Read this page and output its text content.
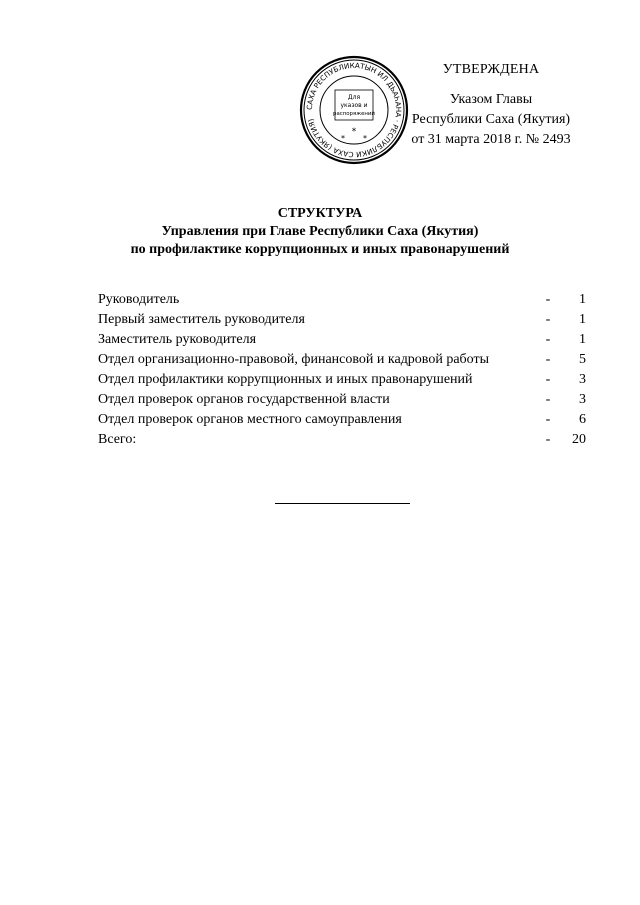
САХА РЕСПУБЛИКАТЫН ИЛ ДЬАҺАНА · РЕСПУБЛИКИ САХА (ЯКУТИЯ)
Для
указов и
распоряжений
*
* *
УТВЕРЖДЕНА
Указом Главы
Республики Саха (Якутия)
от 31 марта 2018 г. № 2493
СТРУКТУРА
Управления при Главе Республики Саха (Якутия)
по профилактике коррупционных и иных правонарушений
Руководитель	-	1
Первый заместитель руководителя	-	1
Заместитель руководителя	-	1
Отдел организационно-правовой, финансовой и кадровой работы	-	5
Отдел профилактики коррупционных и иных правонарушений	-	3
Отдел проверок органов государственной власти	-	3
Отдел проверок органов местного самоуправления	-	6
Всего:	-	20
